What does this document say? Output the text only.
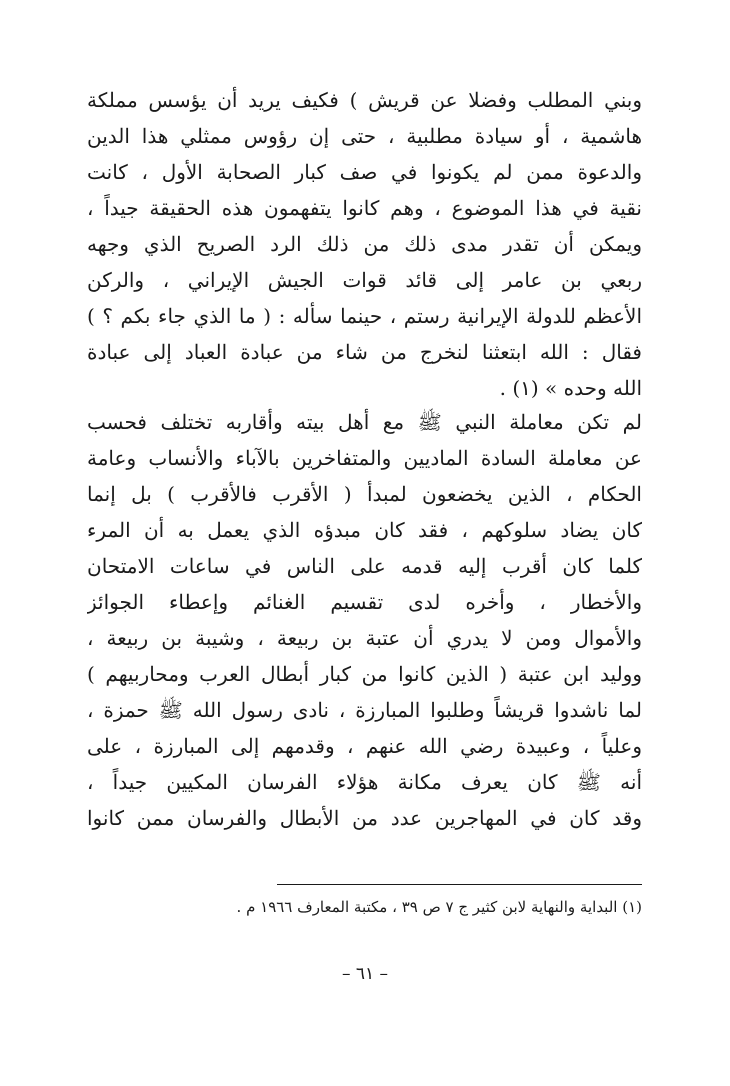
وبني المطلب وفضلا عن قريش ) فكيف يريد أن يؤسس مملكة
هاشمية ، أو سيادة مطلبية ، حتى إن رؤوس ممثلي هذا الدين
والدعوة ممن لم يكونوا في صف كبار الصحابة الأول ، كانت
نقية في هذا الموضوع ، وهم كانوا يتفهمون هذه الحقيقة جيداً ،
ويمكن أن تقدر مدى ذلك من ذلك الرد الصريح الذي وجهه
ربعي بن عامر إلى قائد قوات الجيش الإيراني ، والركن
الأعظم للدولة الإيرانية رستم ، حينما سأله : ( ما الذي جاء بكم ؟ )
فقال : الله ابتعثنا لنخرج من شاء من عبادة العباد إلى عبادة
الله وحده » (١) .
لم تكن معاملة النبي ﷺ مع أهل بيته وأقاربه تختلف فحسب
عن معاملة السادة الماديين والمتفاخرين بالآباء والأنساب وعامة
الحكام ، الذين يخضعون لمبدأ ( الأقرب فالأقرب ) بل إنما
كان يضاد سلوكهم ، فقد كان مبدؤه الذي يعمل به أن المرء
كلما كان أقرب إليه قدمه على الناس في ساعات الامتحان
والأخطار ، وأخره لدى تقسيم الغنائم وإعطاء الجوائز
والأموال ومن لا يدري أن عتبة بن ربيعة ، وشيبة بن ربيعة ،
ووليد ابن عتبة ( الذين كانوا من كبار أبطال العرب ومحاربيهم )
لما ناشدوا قريشاً وطلبوا المبارزة ، نادى رسول الله ﷺ حمزة ،
وعلياً ، وعبيدة رضي الله عنهم ، وقدمهم إلى المبارزة ، على
أنه ﷺ كان يعرف مكانة هؤلاء الفرسان المكيين جيداً ،
وقد كان في المهاجرين عدد من الأبطال والفرسان ممن كانوا
(١) البداية والنهاية لابن كثير ج ٧ ص ٣٩ ، مكتبة المعارف ١٩٦٦ م .
– ٦١ –
